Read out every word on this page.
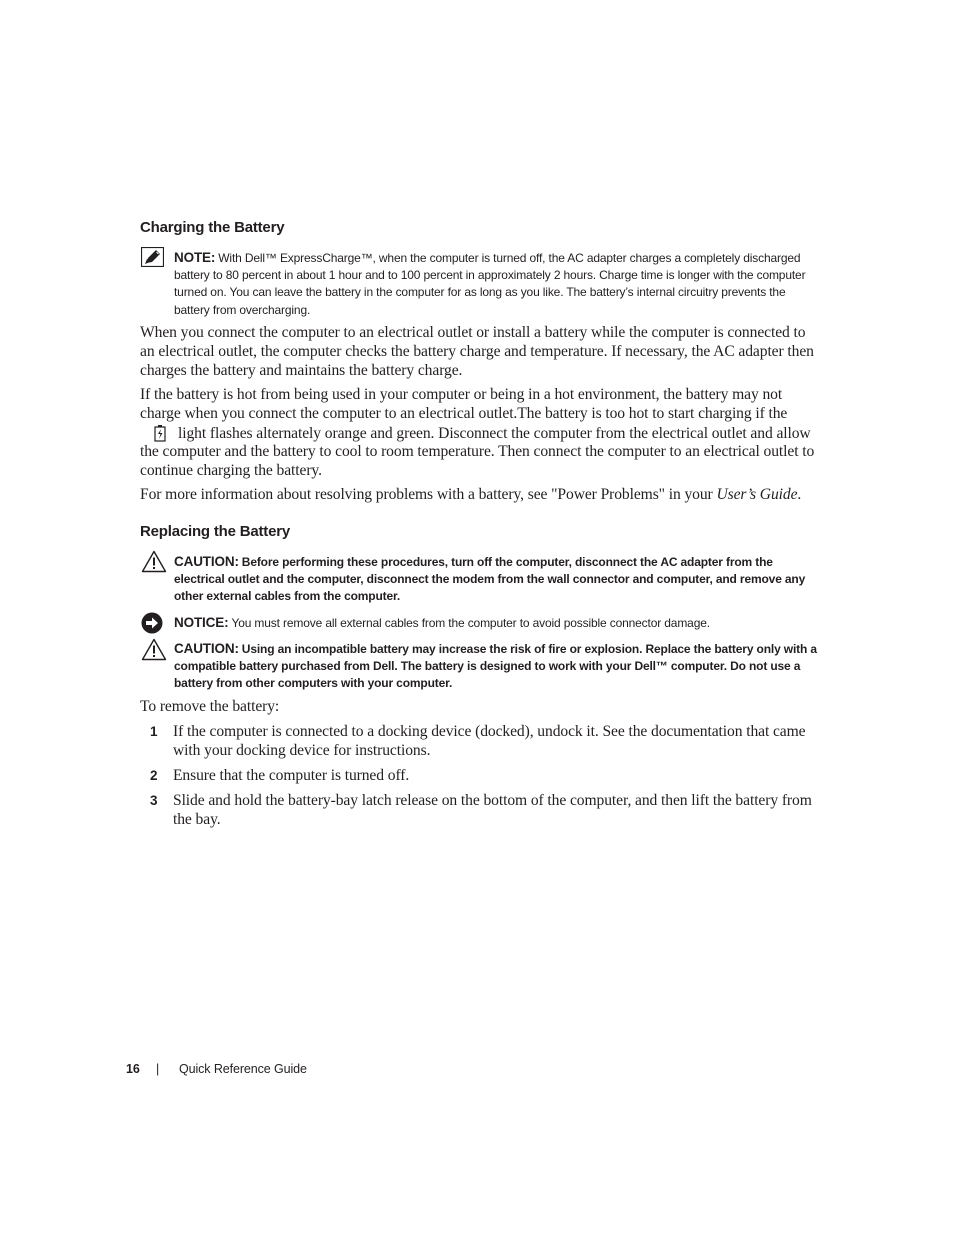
Charging the Battery
NOTE: With Dell™ ExpressCharge™, when the computer is turned off, the AC adapter charges a completely discharged battery to 80 percent in about 1 hour and to 100 percent in approximately 2 hours. Charge time is longer with the computer turned on. You can leave the battery in the computer for as long as you like. The battery’s internal circuitry prevents the battery from overcharging.

When you connect the computer to an electrical outlet or install a battery while the computer is connected to an electrical outlet, the computer checks the battery charge and temperature. If necessary, the AC adapter then charges the battery and maintains the battery charge.

If the battery is hot from being used in your computer or being in a hot environment, the battery may not charge when you connect the computer to an electrical outlet.The battery is too hot to start charging if thelight flashes alternately orange and green. Disconnect the computer from the electrical outlet and allow the computer and the battery to cool to room temperature. Then connect the computer to an electrical outlet to continue charging the battery.

For more information about resolving problems with a battery, see "Power Problems" in your User’s Guide.

Replacing the Battery
CAUTION: Before performing these procedures, turn off the computer, disconnect the AC adapter from the electrical outlet and the computer, disconnect the modem from the wall connector and computer, and remove any other external cables from the computer.
NOTICE: You must remove all external cables from the computer to avoid possible connector damage.
CAUTION: Using an incompatible battery may increase the risk of fire or explosion. Replace the battery only with a compatible battery purchased from Dell. The battery is designed to work with your Dell™ computer. Do not use a battery from other computers with your computer.

To remove the battery:

1 If the computer is connected to a docking device (docked), undock it. See the documentation that came with your docking device for instructions.

2 Ensure that the computer is turned off.

3 Slide and hold the battery-bay latch release on the bottom of the computer, and then lift the battery from the bay.

16 | Quick Reference Guide
